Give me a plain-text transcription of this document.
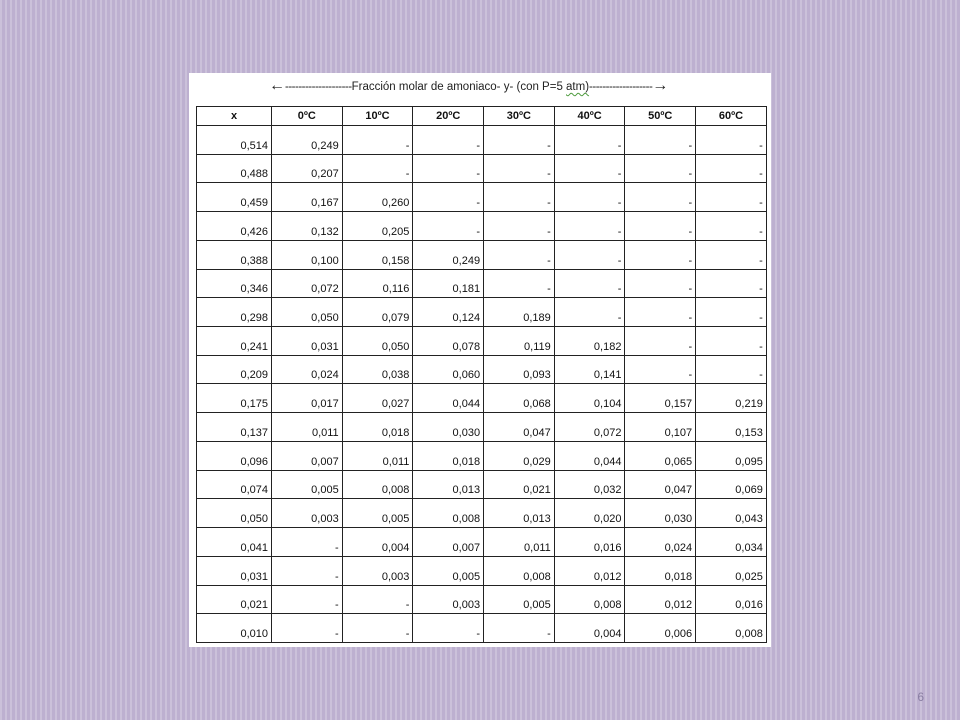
←--------------------Fracción molar de amoniaco- y- (con P=5 atm)-------------------→
x	0ºC	10ºC	20ºC	30ºC	40ºC	50ºC	60ºC
0,514	0,249	-	-	-	-	-	-
0,488	0,207	-	-	-	-	-	-
0,459	0,167	0,260	-	-	-	-	-
0,426	0,132	0,205	-	-	-	-	-
0,388	0,100	0,158	0,249	-	-	-	-
0,346	0,072	0,116	0,181	-	-	-	-
0,298	0,050	0,079	0,124	0,189	-	-	-
0,241	0,031	0,050	0,078	0,119	0,182	-	-
0,209	0,024	0,038	0,060	0,093	0,141	-	-
0,175	0,017	0,027	0,044	0,068	0,104	0,157	0,219
0,137	0,011	0,018	0,030	0,047	0,072	0,107	0,153
0,096	0,007	0,011	0,018	0,029	0,044	0,065	0,095
0,074	0,005	0,008	0,013	0,021	0,032	0,047	0,069
0,050	0,003	0,005	0,008	0,013	0,020	0,030	0,043
0,041	-	0,004	0,007	0,011	0,016	0,024	0,034
0,031	-	0,003	0,005	0,008	0,012	0,018	0,025
0,021	-	-	0,003	0,005	0,008	0,012	0,016
0,010	-	-	-	-	0,004	0,006	0,008
6
